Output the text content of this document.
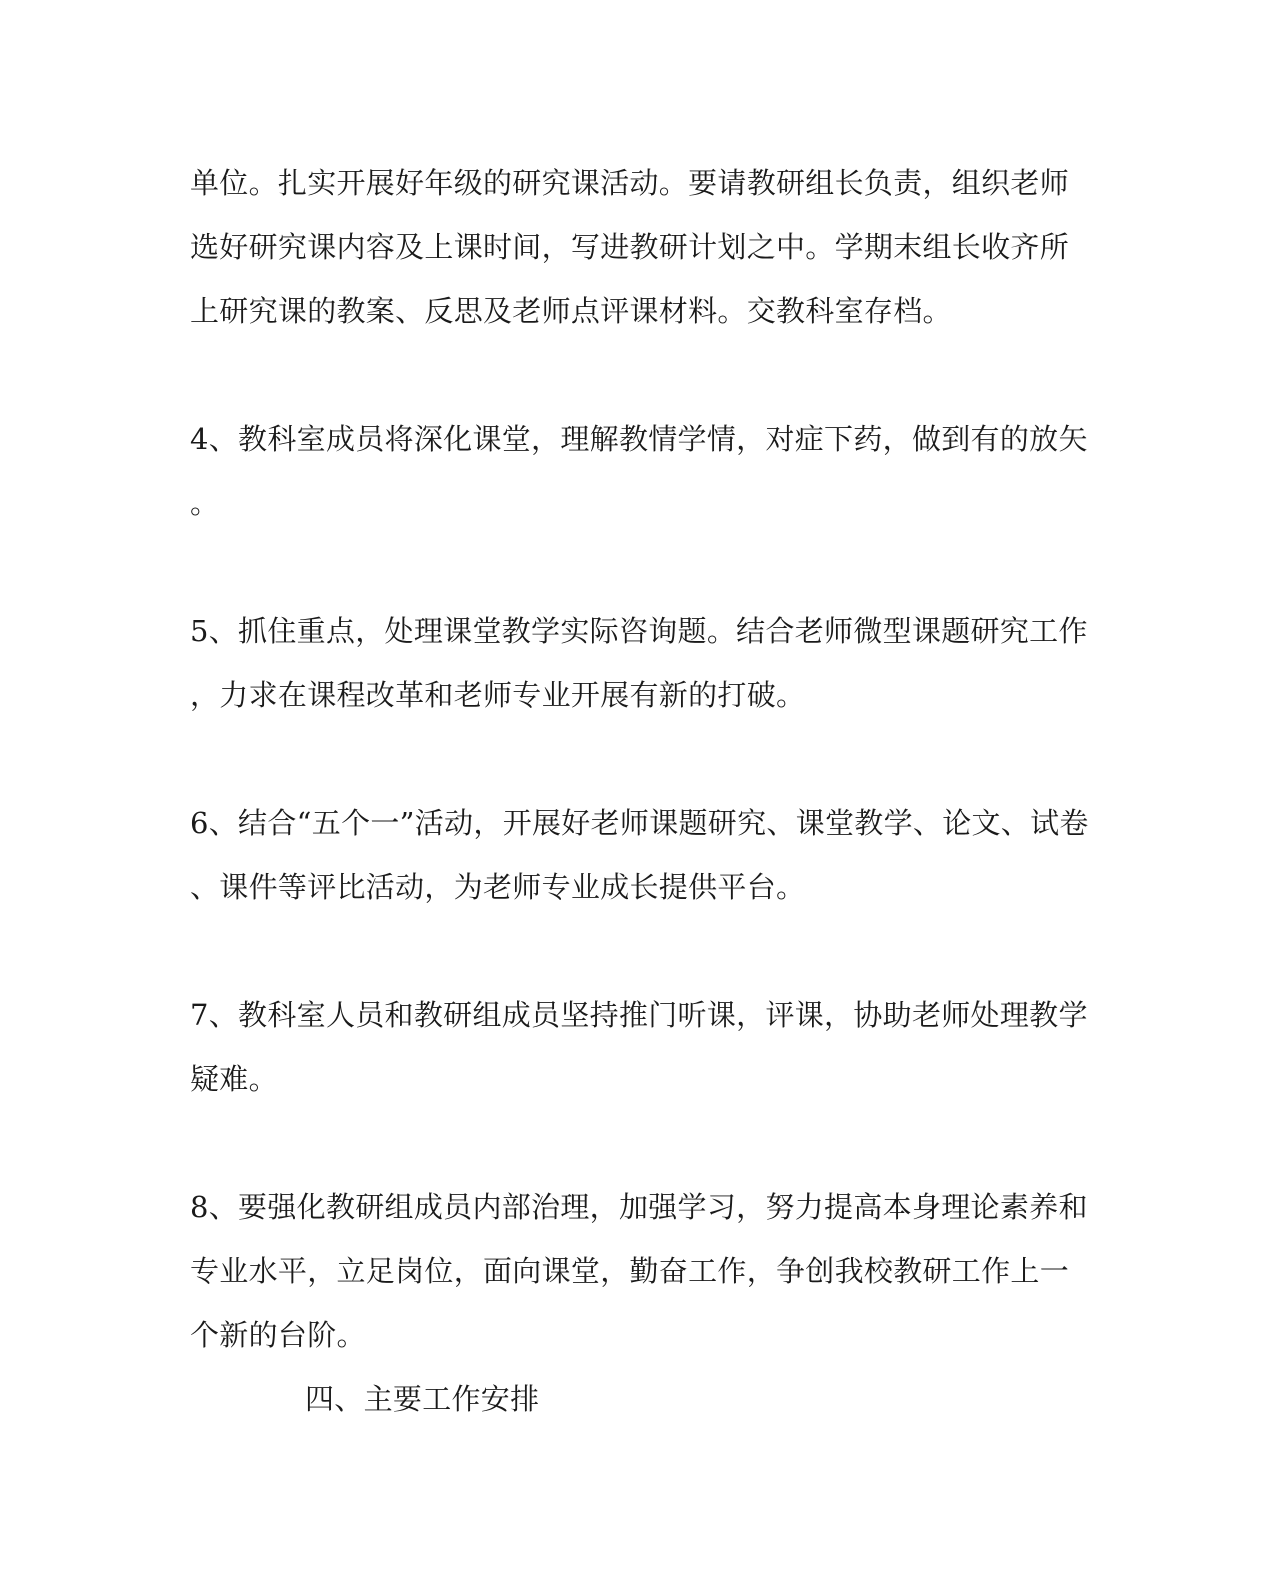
单位。扎实开展好年级的研究课活动。要请教研组长负责，组织老师
选好研究课内容及上课时间，写进教研计划之中。学期末组长收齐所
上研究课的教案、反思及老师点评课材料。交教科室存档。
4、教科室成员将深化课堂，理解教情学情，对症下药，做到有的放矢
。
5、抓住重点，处理课堂教学实际咨询题。结合老师微型课题研究工作
，力求在课程改革和老师专业开展有新的打破。
6、结合“五个一”活动，开展好老师课题研究、课堂教学、论文、试卷
、课件等评比活动，为老师专业成长提供平台。
7、教科室人员和教研组成员坚持推门听课，评课，协助老师处理教学
疑难。
8、要强化教研组成员内部治理，加强学习，努力提高本身理论素养和
专业水平，立足岗位，面向课堂，勤奋工作，争创我校教研工作上一
个新的台阶。
四、主要工作安排
